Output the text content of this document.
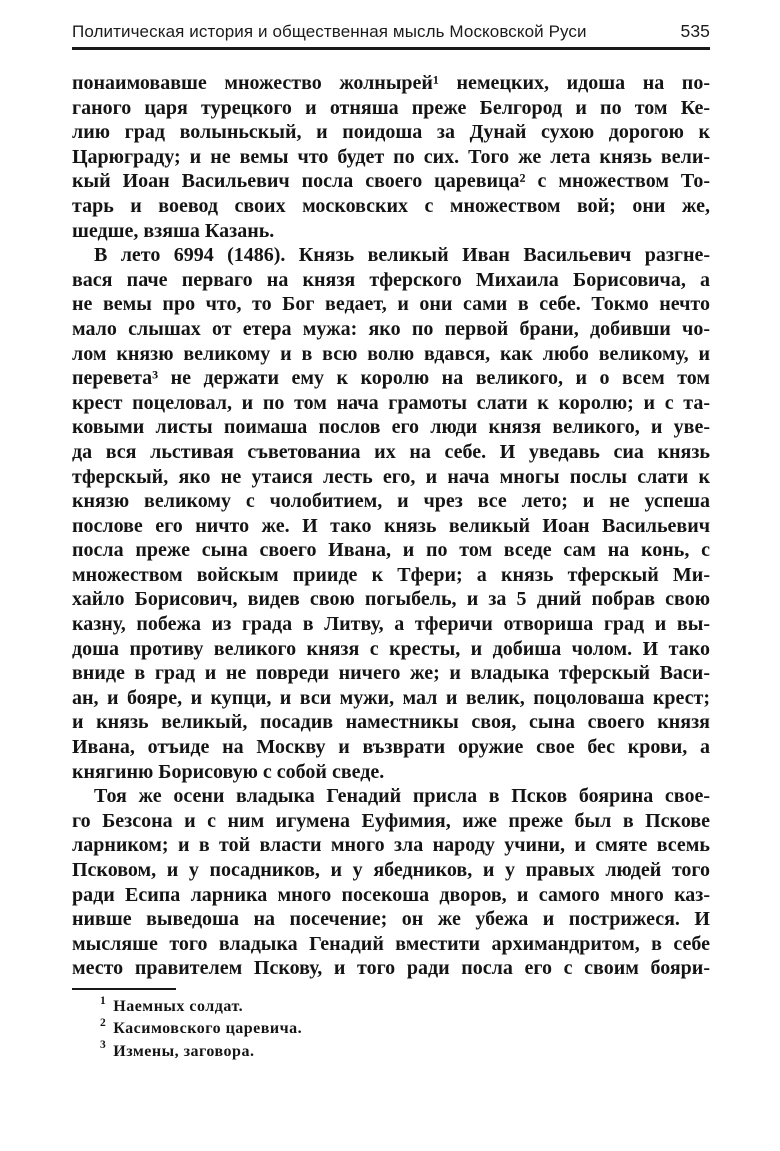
Политическая история и общественная мысль Московской Руси	535
понаимовавше множество жолнырей¹ немецких, идоша на по-
ганого царя турецкого и отняша преже Белгород и по том Ке-
лию град волыньскый, и поидоша за Дунай сухою дорогою к
Царюграду; и не вемы что будет по сих. Того же лета князь вели-
кый Иоан Васильевич посла своего царевица² с множеством То-
тарь и воевод своих московских с множеством вой; они же,
шедше, взяша Казань.
В лето 6994 (1486). Князь великый Иван Васильевич разгне-
вася паче перваго на князя тферского Михаила Борисовича, а
не вемы про что, то Бог ведает, и они сами в себе. Токмо нечто
мало слышах от етера мужа: яко по первой брани, добивши чо-
лом князю великому и в всю волю вдався, как любо великому, и
перевета³ не держати ему к королю на великого, и о всем том
крест поцеловал, и по том нача грамоты слати к королю; и с та-
ковыми листы поимаша послов его люди князя великого, и уве-
да вся льстивая съветованиа их на себе. И уведавь сиа князь
тферскый, яко не утаися лесть его, и нача многы послы слати к
князю великому с чолобитием, и чрез все лето; и не успеша
послове его ничто же. И тако князь великый Иоан Васильевич
посла преже сына своего Ивана, и по том вседе сам на конь, с
множеством войскым прииде к Тфери; а князь тферскый Ми-
хайло Борисович, видев свою погыбель, и за 5 дний побрав свою
казну, побежа из града в Литву, а тферичи отвориша град и вы-
доша противу великого князя с кресты, и добиша чолом. И тако
вниде в град и не повреди ничего же; и владыка тферскый Васи-
ан, и бояре, и купци, и вси мужи, мал и велик, поцоловаша крест;
и князь великый, посадив наместникы своя, сына своего князя
Ивана, отъиде на Москву и възврати оружие свое бес крови, а
княгиню Борисовую с собой сведе.
Тоя же осени владыка Генадий присла в Псков боярина свое-
го Безсона и с ним игумена Еуфимия, иже преже был в Пскове
ларником; и в той власти много зла народу учини, и смяте всемь
Псковом, и у посадников, и у ябедников, и у правых людей того
ради Есипа ларника много посекоша дворов, и самого много каз-
нивше выведоша на посечение; он же убежа и пострижеся. И
мысляше того владыка Генадий вместити архимандритом, в себе
место правителем Пскову, и того ради посла его с своим бояри-
$^1$ Наемных солдат.
$^2$ Касимовского царевича.
$^3$ Измены, заговора.
